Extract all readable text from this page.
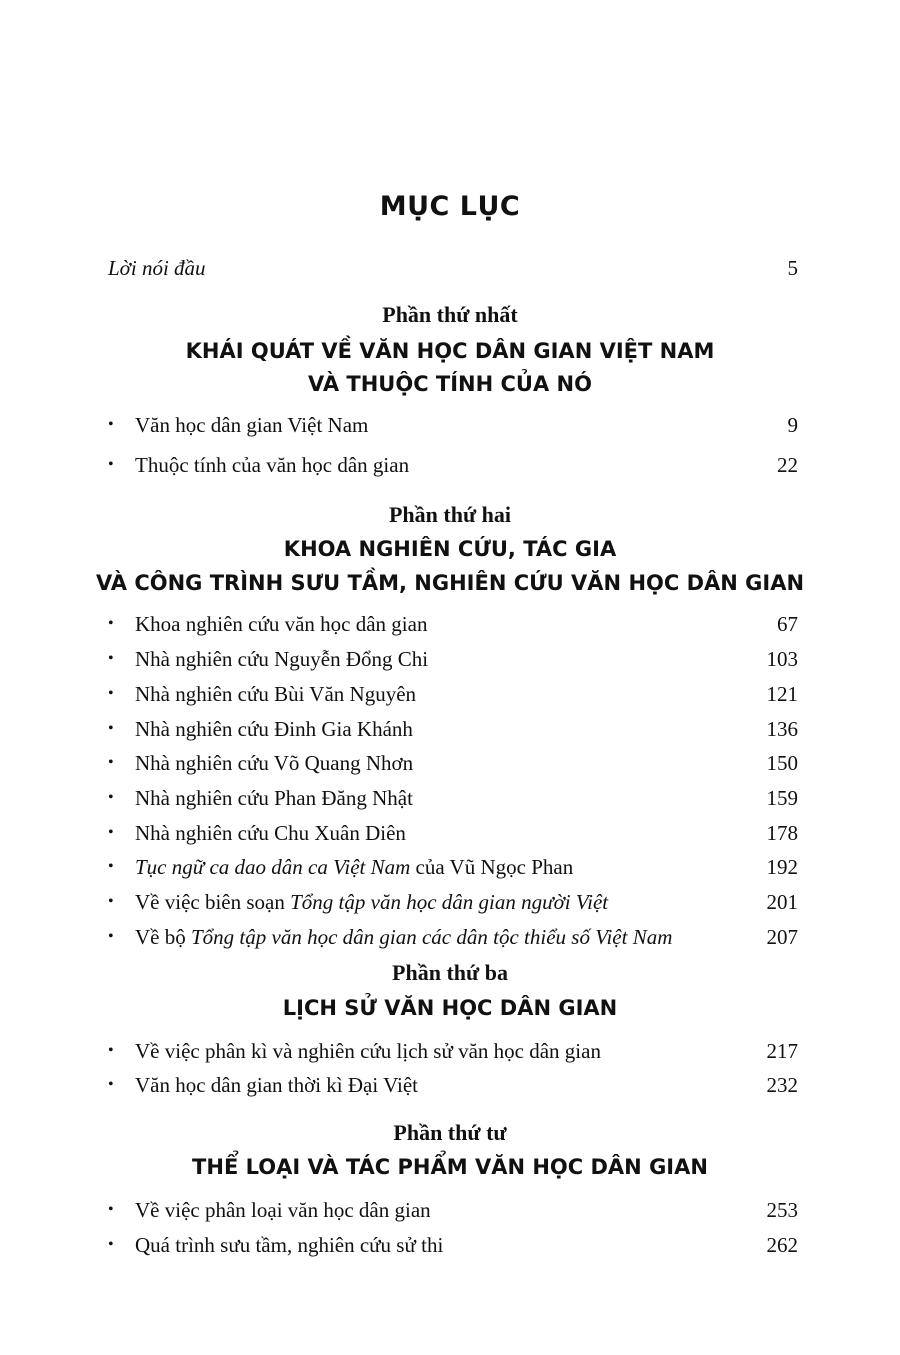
MỤC LỤC
Lời nói đầu	5
Phần thứ nhất
KHÁI QUÁT VỀ VĂN HỌC DÂN GIAN VIỆT NAM
VÀ THUỘC TÍNH CỦA NÓ
•	Văn học dân gian Việt Nam	9
•	Thuộc tính của văn học dân gian	22
Phần thứ hai
KHOA NGHIÊN CỨU, TÁC GIA
VÀ CÔNG TRÌNH SƯU TẦM, NGHIÊN CỨU VĂN HỌC DÂN GIAN
•	Khoa nghiên cứu văn học dân gian	67
•	Nhà nghiên cứu Nguyễn Đổng Chi	103
•	Nhà nghiên cứu Bùi Văn Nguyên	121
•	Nhà nghiên cứu Đinh Gia Khánh	136
•	Nhà nghiên cứu Võ Quang Nhơn	150
•	Nhà nghiên cứu Phan Đăng Nhật	159
•	Nhà nghiên cứu Chu Xuân Diên	178
•	Tục ngữ ca dao dân ca Việt Nam của Vũ Ngọc Phan	192
•	Về việc biên soạn Tổng tập văn học dân gian người Việt	201
•	Về bộ Tổng tập văn học dân gian các dân tộc thiểu số Việt Nam	207
Phần thứ ba
LỊCH SỬ VĂN HỌC DÂN GIAN
•	Về việc phân kì và nghiên cứu lịch sử văn học dân gian	217
•	Văn học dân gian thời kì Đại Việt	232
Phần thứ tư
THỂ LOẠI VÀ TÁC PHẨM VĂN HỌC DÂN GIAN
•	Về việc phân loại văn học dân gian	253
•	Quá trình sưu tầm, nghiên cứu sử thi	262
